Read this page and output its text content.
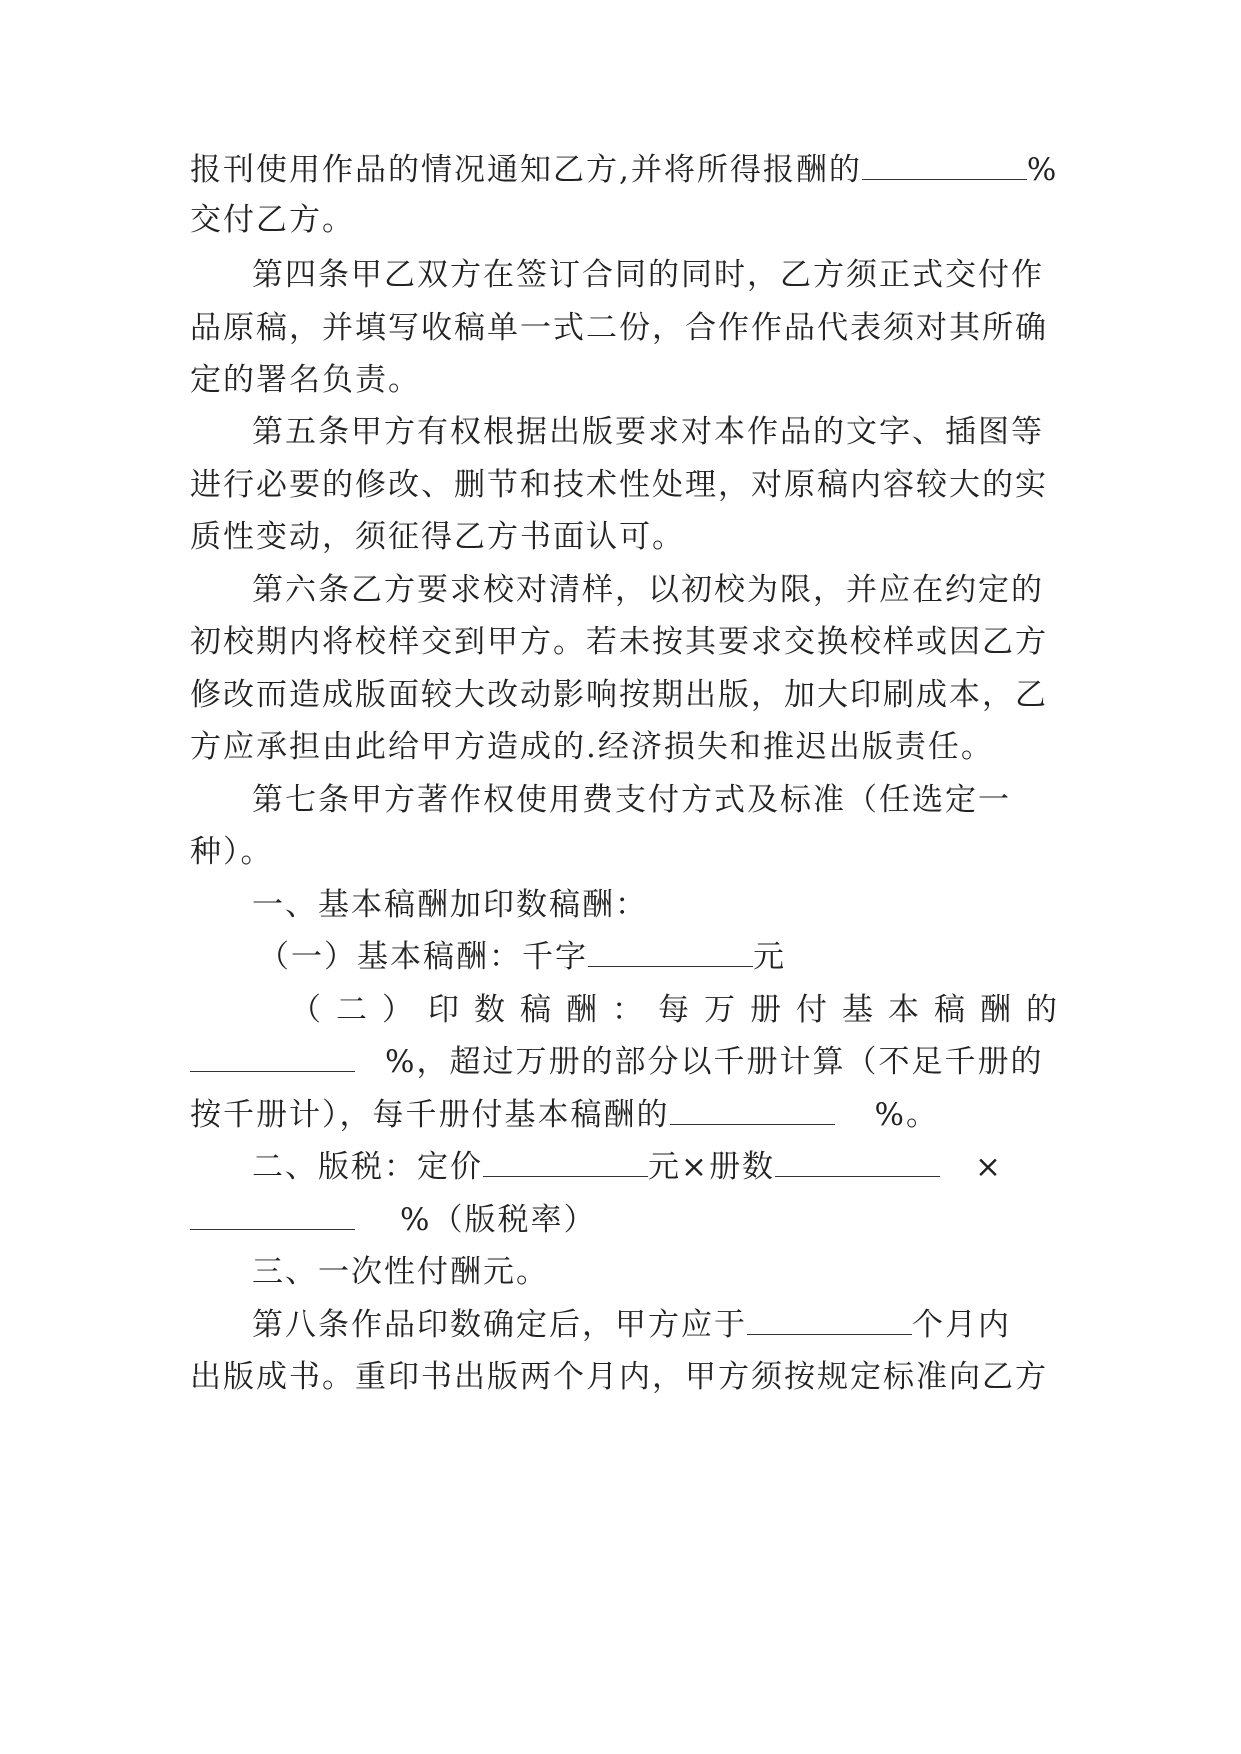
报刊使用作品的情况通知乙方,并将所得报酬的	%
交付乙方。
第四条甲乙双方在签订合同的同时，乙方须正式交付作
品原稿，并填写收稿单一式二份，合作作品代表须对其所确
定的署名负责。
第五条甲方有权根据出版要求对本作品的文字、插图等
进行必要的修改、删节和技术性处理，对原稿内容较大的实
质性变动，须征得乙方书面认可。
第六条乙方要求校对清样，以初校为限，并应在约定的
初校期内将校样交到甲方。若未按其要求交换校样或因乙方
修改而造成版面较大改动影响按期出版，加大印刷成本，乙
方应承担由此给甲方造成的.经济损失和推迟出版责任。
第七条甲方著作权使用费支付方式及标准（任选定一
种）。
一、基本稿酬加印数稿酬：
（一）基本稿酬：千字	元
（二）印数稿酬：每万册付基本稿酬的
%，超过万册的部分以千册计算（不足千册的
按千册计），每千册付基本稿酬的	%。
二、版税：定价	元×册数	×
%（版税率）
三、一次性付酬元。
第八条作品印数确定后，甲方应于	个月内
出版成书。重印书出版两个月内，甲方须按规定标准向乙方
